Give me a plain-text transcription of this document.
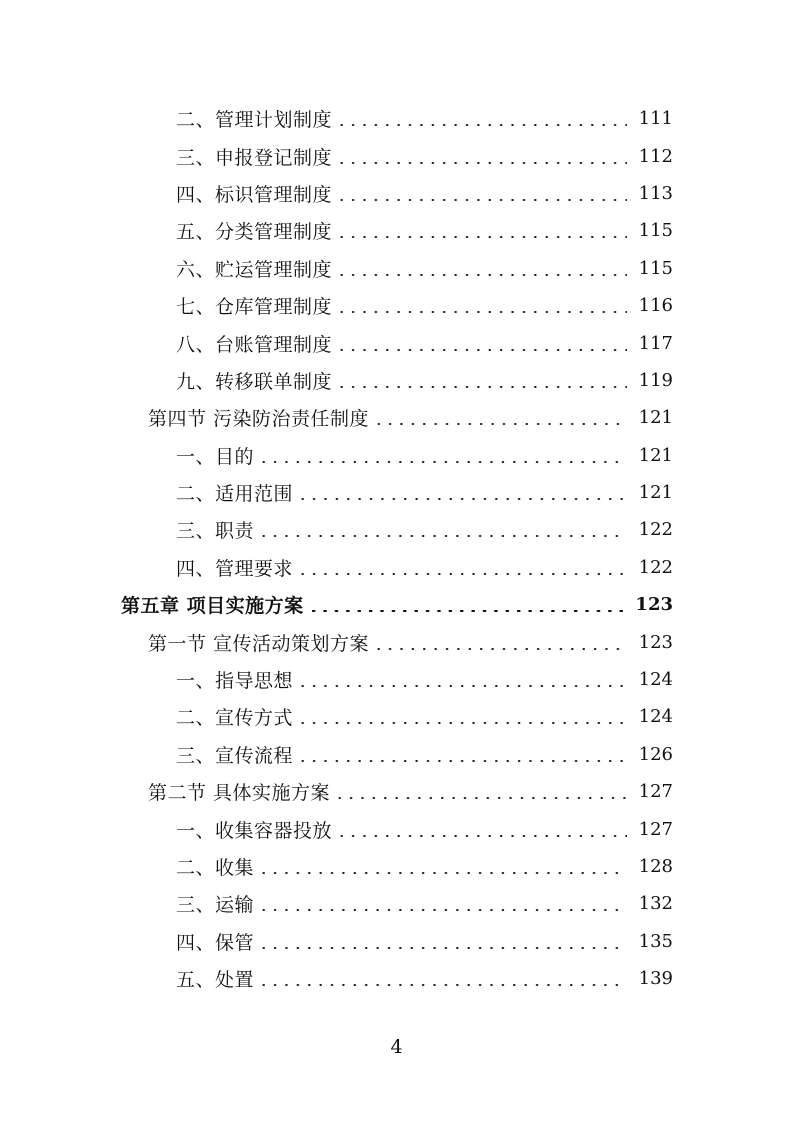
二、管理计划制度	111
三、申报登记制度	112
四、标识管理制度	113
五、分类管理制度	115
六、贮运管理制度	115
七、仓库管理制度	116
八、台账管理制度	117
九、转移联单制度	119
第四节 污染防治责任制度	121
一、目的	121
二、适用范围	121
三、职责	122
四、管理要求	122
第五章 项目实施方案	123
第一节 宣传活动策划方案	123
一、指导思想	124
二、宣传方式	124
三、宣传流程	126
第二节 具体实施方案	127
一、收集容器投放	127
二、收集	128
三、运输	132
四、保管	135
五、处置	139
4
